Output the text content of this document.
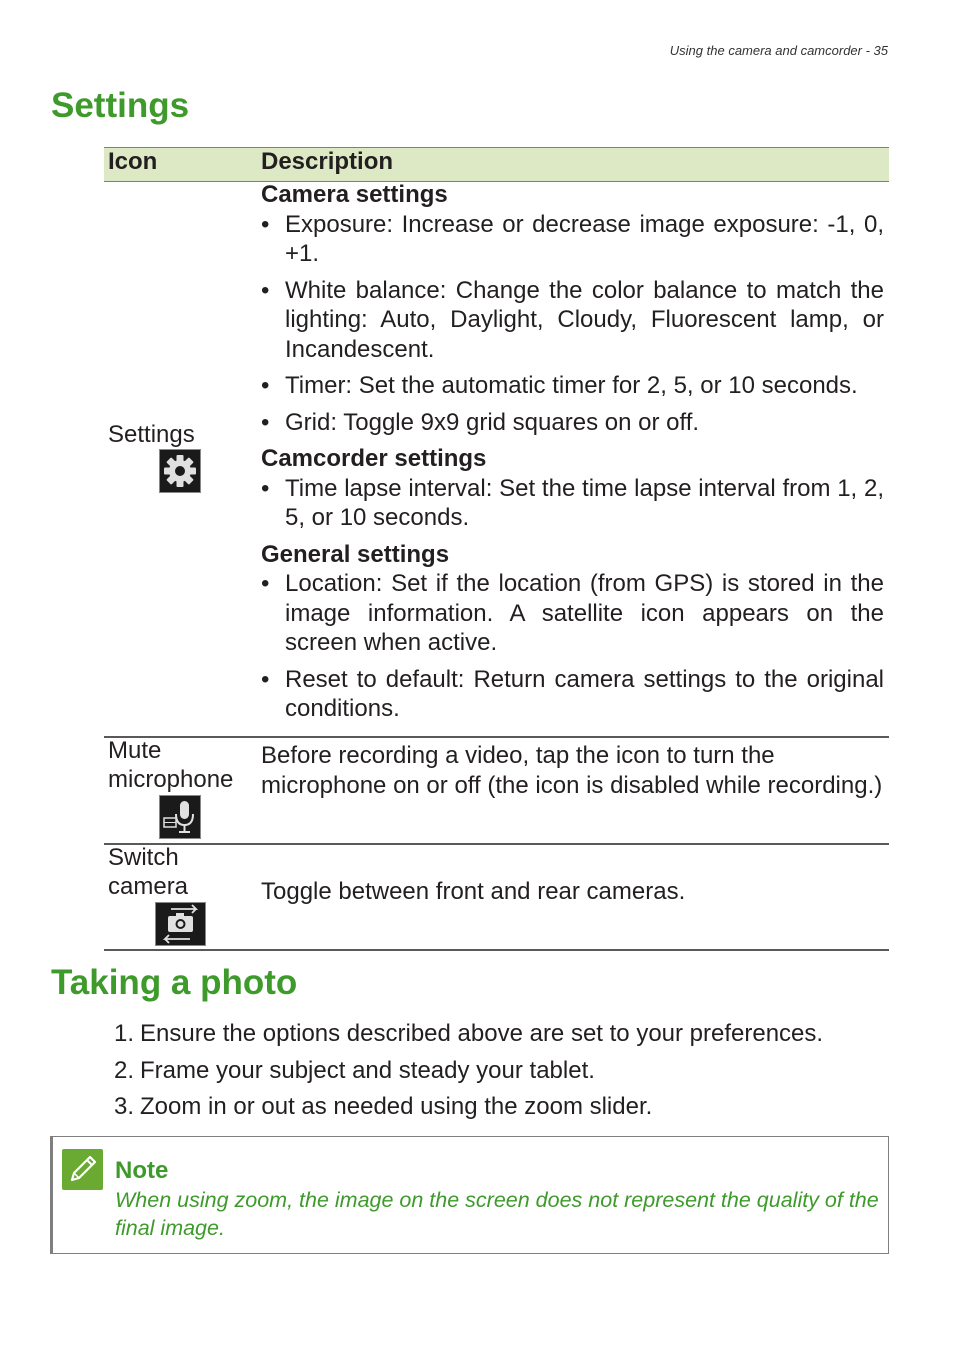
Using the camera and camcorder - 35
Settings
Icon	Description
Settings

Camera settings

• Exposure: Increase or decrease image exposure: -1, 0, +1.
• White balance: Change the color balance to match the lighting: Auto, Daylight, Cloudy, Fluorescent lamp, or Incandescent.
• Timer: Set the automatic timer for 2, 5, or 10 seconds.
• Grid: Toggle 9x9 grid squares on or off.

Camcorder settings

• Time lapse interval: Set the time lapse interval from 1, 2, 5, or 10 seconds.

General settings

• Location: Set if the location (from GPS) is stored in the image information. A satellite icon appears on the screen when active.
• Reset to default: Return camera settings to the original conditions.
Mute
microphone
Before recording a video, tap the icon to turn the microphone on or off (the icon is disabled while recording.)
Switch
camera	Toggle between front and rear cameras.
Taking a photo
1. Ensure the options described above are set to your preferences.
2. Frame your subject and steady your tablet.
3. Zoom in or out as needed using the zoom slider.
Note
When using zoom, the image on the screen does not represent the quality of the final image.
